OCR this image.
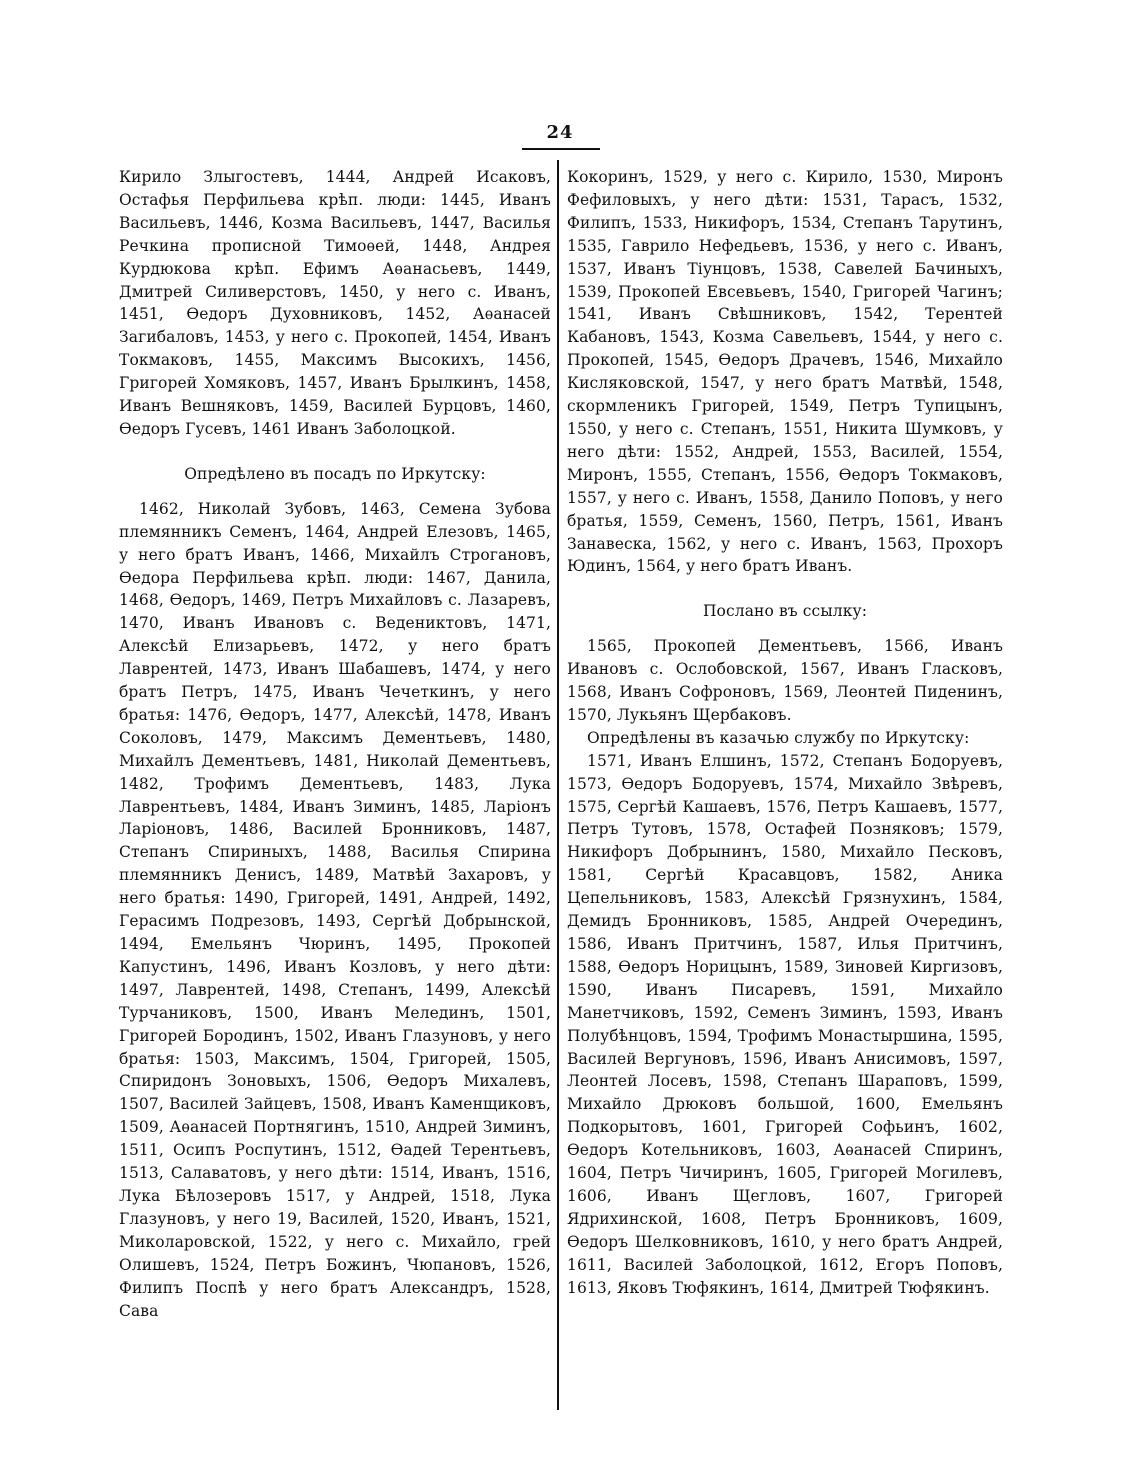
24

Кирило Злыгостевъ, 1444, Андрей Исаковъ, Остафья Перфильева крѣп. люди: 1445, Иванъ Васильевъ, 1446, Козма Васильевъ, 1447, Василья Речкина прописной Тимоѳей, 1448, Андрея Курдюкова крѣп. Ефимъ Аѳанасьевъ, 1449, Дмитрей Силиверстовъ, 1450, у него с. Иванъ, 1451, Ѳедоръ Духовниковъ, 1452, Аѳанасей Загибаловъ, 1453, у него с. Прокопей, 1454, Иванъ Токмаковъ, 1455, Максимъ Высокихъ, 1456, Григорей Хомяковъ, 1457, Иванъ Брылкинъ, 1458, Иванъ Вешняковъ, 1459, Василей Бурцовъ, 1460, Ѳедоръ Гусевъ, 1461 Иванъ Заболоцкой.

Опредѣлено въ посадъ по Иркутску:

1462, Николай Зубовъ, 1463, Семена Зубова племянникъ Семенъ, 1464, Андрей Елезовъ, 1465, у него братъ Иванъ, 1466, Михайлъ Строгановъ, Ѳедора Перфильева крѣп. люди: 1467, Данила, 1468, Ѳедоръ, 1469, Петръ Михайловъ с. Лазаревъ, 1470, Иванъ Ивановъ с. Ведениктовъ, 1471, Алексѣй Елизарьевъ, 1472, у него братъ Лаврентей, 1473, Иванъ Шабашевъ, 1474, у него братъ Петръ, 1475, Иванъ Чечеткинъ, у него братья: 1476, Ѳедоръ, 1477, Алексѣй, 1478, Иванъ Соколовъ, 1479, Максимъ Дементьевъ, 1480, Михайлъ Дементьевъ, 1481, Николай Дементьевъ, 1482, Трофимъ Дементьевъ, 1483, Лука Лаврентьевъ, 1484, Иванъ Зиминъ, 1485, Ларіонъ Ларіоновъ, 1486, Василей Бронниковъ, 1487, Степанъ Спириныхъ, 1488, Василья Спирина племянникъ Денисъ, 1489, Матвѣй Захаровъ, у него братья: 1490, Григорей, 1491, Андрей, 1492, Герасимъ Подрезовъ, 1493, Сергѣй Добрынской, 1494, Емельянъ Чюринъ, 1495, Прокопей Капустинъ, 1496, Иванъ Козловъ, у него дѣти: 1497, Лаврентей, 1498, Степанъ, 1499, Алексѣй Турчаниковъ, 1500, Иванъ Мелединъ, 1501, Григорей Бородинъ, 1502, Иванъ Глазуновъ, у него братья: 1503, Максимъ, 1504, Григорей, 1505, Спиридонъ Зоновыхъ, 1506, Ѳедоръ Михалевъ, 1507, Василей Зайцевъ, 1508, Иванъ Каменщиковъ, 1509, Аѳанасей Портнягинъ, 1510, Андрей Зиминъ, 1511, Осипъ Роспутинъ, 1512, Ѳадей Терентьевъ, 1513, Салаватовъ, у него дѣти: 1514, Иванъ, 1516, Лука Бѣлозеровъ 1517, у Андрей, 1518, Лука Глазуновъ, у него 19, Василей, 1520, Иванъ, 1521, Миколаровской, 1522, у него с. Михайло, грей Олишевъ, 1524, Петръ Божинъ, Чюпановъ, 1526, Филипъ Поспѣ у него братъ Александръ, 1528, Сава

Кокоринъ, 1529, у него с. Кирило, 1530, Миронъ Фефиловыхъ, у него дѣти: 1531, Тарасъ, 1532, Филипъ, 1533, Никифоръ, 1534, Степанъ Тарутинъ, 1535, Гаврило Нефедьевъ, 1536, у него с. Иванъ, 1537, Иванъ Тіунцовъ, 1538, Савелей Бачиныхъ, 1539, Прокопей Евсевьевъ, 1540, Григорей Чагинъ; 1541, Иванъ Свѣшниковъ, 1542, Терентей Кабановъ, 1543, Козма Савельевъ, 1544, у него с. Прокопей, 1545, Ѳедоръ Драчевъ, 1546, Михайло Кисляковской, 1547, у него братъ Матвѣй, 1548, скормленикъ Григорей, 1549, Петръ Тупицынъ, 1550, у него с. Степанъ, 1551, Никита Шумковъ, у него дѣти: 1552, Андрей, 1553, Василей, 1554, Миронъ, 1555, Степанъ, 1556, Ѳедоръ Токмаковъ, 1557, у него с. Иванъ, 1558, Данило Поповъ, у него братья, 1559, Семенъ, 1560, Петръ, 1561, Иванъ Занавеска, 1562, у него с. Иванъ, 1563, Прохоръ Юдинъ, 1564, у него братъ Иванъ.

Послано въ ссылку:

1565, Прокопей Дементьевъ, 1566, Иванъ Ивановъ с. Ослобовской, 1567, Иванъ Гласковъ, 1568, Иванъ Софроновъ, 1569, Леонтей Пиденинъ, 1570, Лукьянъ Щербаковъ.

Опредѣлены въ казачью службу по Иркутску:

1571, Иванъ Елшинъ, 1572, Степанъ Бодоруевъ, 1573, Ѳедоръ Бодоруевъ, 1574, Михайло Звѣревъ, 1575, Сергѣй Кашаевъ, 1576, Петръ Кашаевъ, 1577, Петръ Тутовъ, 1578, Остафей Позняковъ; 1579, Никифоръ Добрынинъ, 1580, Михайло Песковъ, 1581, Сергѣй Красавцовъ, 1582, Аника Цепельниковъ, 1583, Алексѣй Грязнухинъ, 1584, Демидъ Бронниковъ, 1585, Андрей Очерединъ, 1586, Иванъ Притчинъ, 1587, Илья Притчинъ, 1588, Ѳедоръ Норицынъ, 1589, Зиновей Киргизовъ, 1590, Иванъ Писаревъ, 1591, Михайло Манетчиковъ, 1592, Семенъ Зиминъ, 1593, Иванъ Полубѣнцовъ, 1594, Трофимъ Монастыршина, 1595, Василей Вергуновъ, 1596, Иванъ Анисимовъ, 1597, Леонтей Лосевъ, 1598, Степанъ Шараповъ, 1599, Михайло Дрюковъ большой, 1600, Емельянъ Подкорытовъ, 1601, Григорей Софьинъ, 1602, Ѳедоръ Котельниковъ, 1603, Аѳанасей Спиринъ, 1604, Петръ Чичиринъ, 1605, Григорей Могилевъ, 1606, Иванъ Щегловъ, 1607, Григорей Ядрихинской, 1608, Петръ Бронниковъ, 1609, Ѳедоръ Шелковниковъ, 1610, у него братъ Андрей, 1611, Василей Заболоцкой, 1612, Егоръ Поповъ, 1613, Яковъ Тюфякинъ, 1614, Дмитрей Тюфякинъ.
